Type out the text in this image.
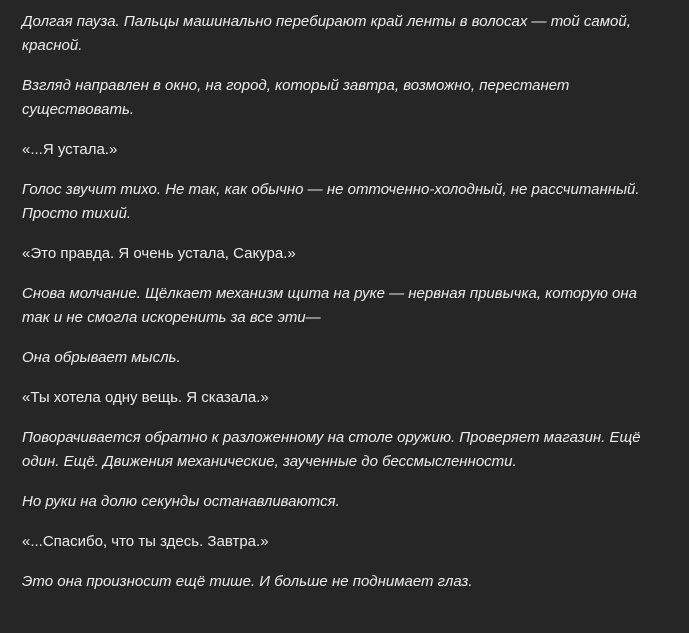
Долгая пауза. Пальцы машинально перебирают край ленты в волосах — той самой,
красной.

Взгляд направлен в окно, на город, который завтра, возможно, перестанет
существовать.

«...Я устала.»

Голос звучит тихо. Не так, как обычно — не отточенно-холодный, не рассчитанный.
Просто тихий.

«Это правда. Я очень устала, Сакура.»

Снова молчание. Щёлкает механизм щита на руке — нервная привычка, которую она
так и не смогла искоренить за все эти—

Она обрывает мысль.

«Ты хотела одну вещь. Я сказала.»

Поворачивается обратно к разложенному на столе оружию. Проверяет магазин. Ещё
один. Ещё. Движения механические, заученные до бессмысленности.

Но руки на долю секунды останавливаются.

«...Спасибо, что ты здесь. Завтра.»

Это она произносит ещё тише. И больше не поднимает глаз.
